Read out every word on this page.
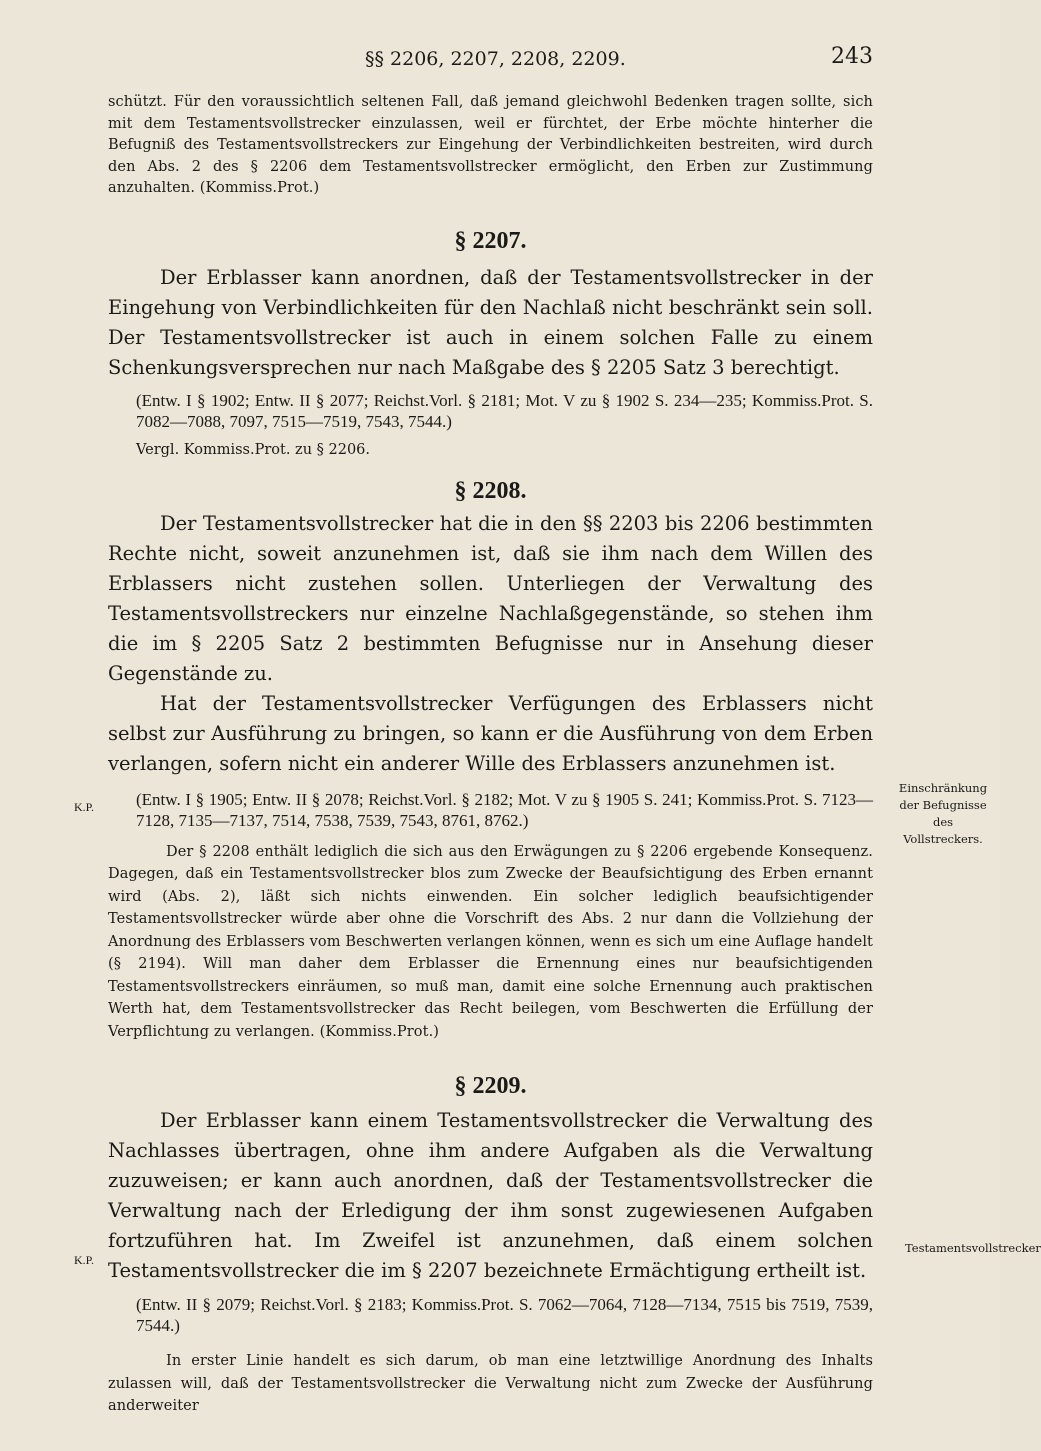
§§ 2206, 2207, 2208, 2209.	243

schützt. Für den voraussichtlich seltenen Fall, daß jemand gleichwohl Bedenken tragen sollte, sich mit dem Testamentsvollstrecker einzulassen, weil er fürchtet, der Erbe möchte hinterher die Befugniß des Testamentsvollstreckers zur Eingehung der Verbindlichkeiten bestreiten, wird durch den Abs. 2 des § 2206 dem Testamentsvollstrecker ermöglicht, den Erben zur Zustimmung anzuhalten. (Kommiss.Prot.)

§ 2207.

Der Erblasser kann anordnen, daß der Testamentsvollstrecker in der Eingehung von Verbindlichkeiten für den Nachlaß nicht beschränkt sein soll. Der Testamentsvollstrecker ist auch in einem solchen Falle zu einem Schenkungsversprechen nur nach Maßgabe des § 2205 Satz 3 berechtigt.

(Entw. I § 1902; Entw. II § 2077; Reichst.Vorl. § 2181; Mot. V zu § 1902 S. 234—235; Kommiss.Prot. S. 7082—7088, 7097, 7515—7519, 7543, 7544.)

Vergl. Kommiss.Prot. zu § 2206.

§ 2208.

Der Testamentsvollstrecker hat die in den §§ 2203 bis 2206 bestimmten Rechte nicht, soweit anzunehmen ist, daß sie ihm nach dem Willen des Erblassers nicht zustehen sollen. Unterliegen der Verwaltung des Testamentsvollstreckers nur einzelne Nachlaßgegenstände, so stehen ihm die im § 2205 Satz 2 bestimmten Befugnisse nur in Ansehung dieser Gegenstände zu.

Hat der Testamentsvollstrecker Verfügungen des Erblassers nicht selbst zur Ausführung zu bringen, so kann er die Ausführung von dem Erben verlangen, sofern nicht ein anderer Wille des Erblassers anzunehmen ist.

(Entw. I § 1905; Entw. II § 2078; Reichst.Vorl. § 2182; Mot. V zu § 1905 S. 241; Kommiss.Prot. S. 7123—7128, 7135—7137, 7514, 7538, 7539, 7543, 8761, 8762.)

Der § 2208 enthält lediglich die sich aus den Erwägungen zu § 2206 ergebende Konsequenz. Dagegen, daß ein Testamentsvollstrecker blos zum Zwecke der Beaufsichtigung des Erben ernannt wird (Abs. 2), läßt sich nichts einwenden. Ein solcher lediglich beaufsichtigender Testamentsvollstrecker würde aber ohne die Vorschrift des Abs. 2 nur dann die Vollziehung der Anordnung des Erblassers vom Beschwerten verlangen können, wenn es sich um eine Auflage handelt (§ 2194). Will man daher dem Erblasser die Ernennung eines nur beaufsichtigenden Testamentsvollstreckers einräumen, so muß man, damit eine solche Ernennung auch praktischen Werth hat, dem Testamentsvollstrecker das Recht beilegen, vom Beschwerten die Erfüllung der Verpflichtung zu verlangen. (Kommiss.Prot.)

§ 2209.

Der Erblasser kann einem Testamentsvollstrecker die Verwaltung des Nachlasses übertragen, ohne ihm andere Aufgaben als die Verwaltung zuzuweisen; er kann auch anordnen, daß der Testamentsvollstrecker die Verwaltung nach der Erledigung der ihm sonst zugewiesenen Aufgaben fortzuführen hat. Im Zweifel ist anzunehmen, daß einem solchen Testamentsvollstrecker die im § 2207 bezeichnete Ermächtigung ertheilt ist.

(Entw. II § 2079; Reichst.Vorl. § 2183; Kommiss.Prot. S. 7062—7064, 7128—7134, 7515 bis 7519, 7539, 7544.)

In erster Linie handelt es sich darum, ob man eine letztwillige Anordnung des Inhalts zulassen will, daß der Testamentsvollstrecker die Verwaltung nicht zum Zwecke der Ausführung anderweiter

K.P.
Einschränkung der Befugnisse des Vollstreckers.
K.P.
Testamentsvollstrecker
